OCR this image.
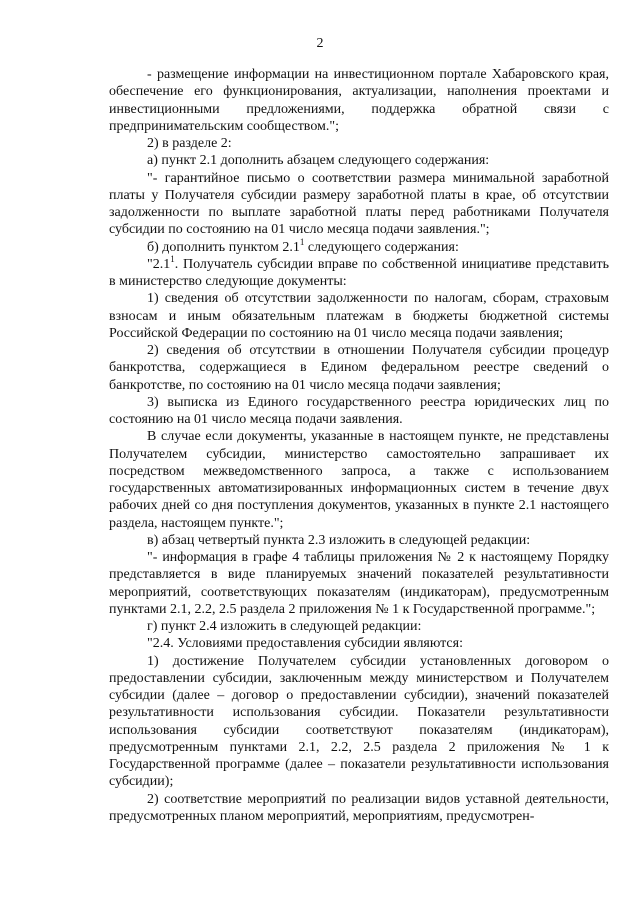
2

- размещение информации на инвестиционном портале Хабаровского края, обеспечение его функционирования, актуализации, наполнения проектами и инвестиционными предложениями, поддержка обратной связи с предпринимательским сообществом.";

2) в разделе 2:

а) пункт 2.1 дополнить абзацем следующего содержания:

"- гарантийное письмо о соответствии размера минимальной заработной платы у Получателя субсидии размеру заработной платы в крае, об отсутствии задолженности по выплате заработной платы перед работниками Получателя субсидии по состоянию на 01 число месяца подачи заявления.";

б) дополнить пунктом $2.1^1$ следующего содержания:

"$2.1^1$. Получатель субсидии вправе по собственной инициативе представить в министерство следующие документы:

1) сведения об отсутствии задолженности по налогам, сборам, страховым взносам и иным обязательным платежам в бюджеты бюджетной системы Российской Федерации по состоянию на 01 число месяца подачи заявления;

2) сведения об отсутствии в отношении Получателя субсидии процедур банкротства, содержащиеся в Едином федеральном реестре сведений о банкротстве, по состоянию на 01 число месяца подачи заявления;

3) выписка из Единого государственного реестра юридических лиц по состоянию на 01 число месяца подачи заявления.

В случае если документы, указанные в настоящем пункте, не представлены Получателем субсидии, министерство самостоятельно запрашивает их посредством межведомственного запроса, а также с использованием государственных автоматизированных информационных систем в течение двух рабочих дней со дня поступления документов, указанных в пункте 2.1 настоящего раздела, настоящем пункте.";

в) абзац четвертый пункта 2.3 изложить в следующей редакции:

"- информация в графе 4 таблицы приложения № 2 к настоящему Порядку представляется в виде планируемых значений показателей результативности мероприятий, соответствующих показателям (индикаторам), предусмотренным пунктами 2.1, 2.2, 2.5 раздела 2 приложения № 1 к Государственной программе.";

г) пункт 2.4 изложить в следующей редакции:

"2.4. Условиями предоставления субсидии являются:

1) достижение Получателем субсидии установленных договором о предоставлении субсидии, заключенным между министерством и Получателем субсидии (далее – договор о предоставлении субсидии), значений показателей результативности использования субсидии. Показатели результативности использования субсидии соответствуют показателям (индикаторам), предусмотренным пунктами 2.1, 2.2, 2.5 раздела 2 приложения № 1 к Государственной программе (далее – показатели результативности использования субсидии);

2) соответствие мероприятий по реализации видов уставной деятельности, предусмотренных планом мероприятий, мероприятиям, предусмотрен-
